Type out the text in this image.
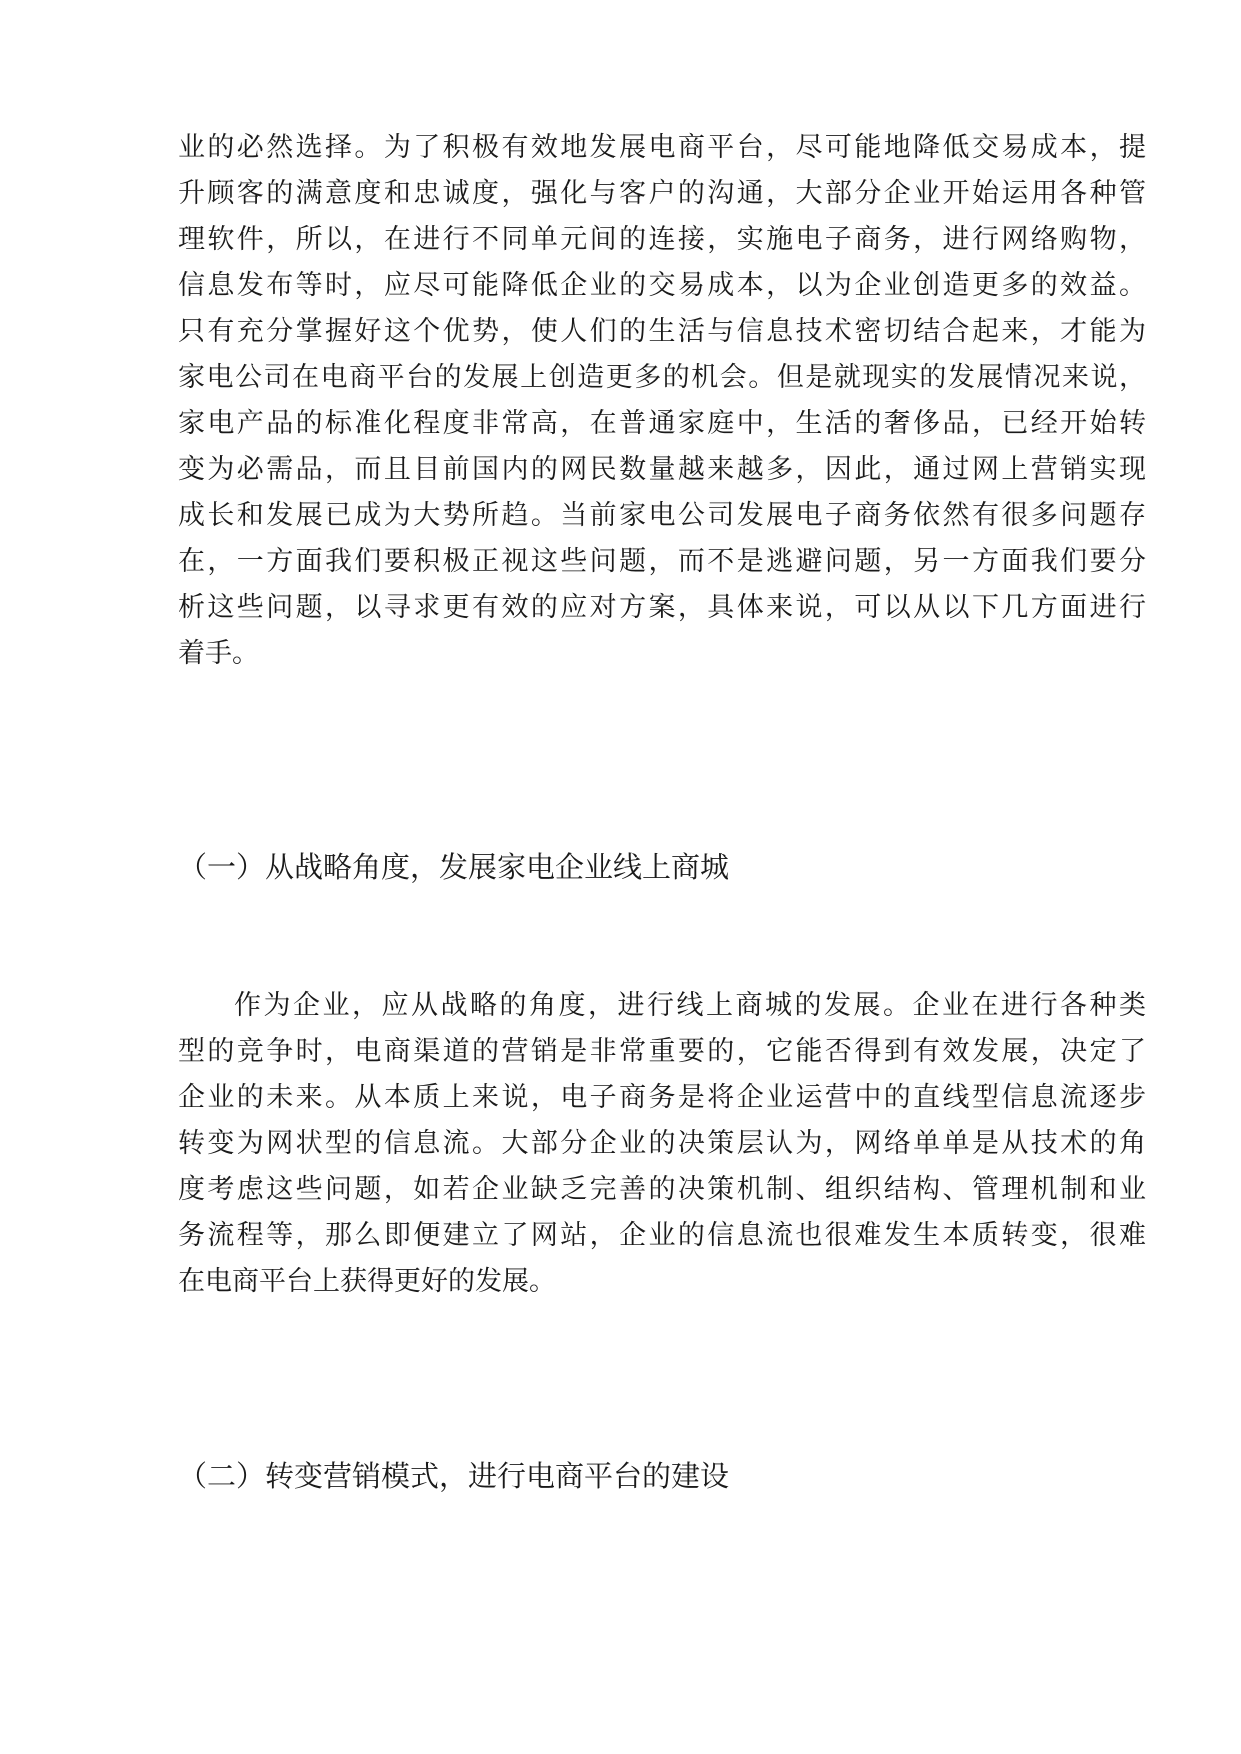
业的必然选择。为了积极有效地发展电商平台，尽可能地降低交易成本，提
升顾客的满意度和忠诚度，强化与客户的沟通，大部分企业开始运用各种管
理软件，所以，在进行不同单元间的连接，实施电子商务，进行网络购物，
信息发布等时，应尽可能降低企业的交易成本，以为企业创造更多的效益。
只有充分掌握好这个优势，使人们的生活与信息技术密切结合起来，才能为
家电公司在电商平台的发展上创造更多的机会。但是就现实的发展情况来说，
家电产品的标准化程度非常高，在普通家庭中，生活的奢侈品，已经开始转
变为必需品，而且目前国内的网民数量越来越多，因此，通过网上营销实现
成长和发展已成为大势所趋。当前家电公司发展电子商务依然有很多问题存
在，一方面我们要积极正视这些问题，而不是逃避问题，另一方面我们要分
析这些问题，以寻求更有效的应对方案，具体来说，可以从以下几方面进行
着手。
（一）从战略角度，发展家电企业线上商城
作为企业，应从战略的角度，进行线上商城的发展。企业在进行各种类
型的竞争时，电商渠道的营销是非常重要的，它能否得到有效发展，决定了
企业的未来。从本质上来说，电子商务是将企业运营中的直线型信息流逐步
转变为网状型的信息流。大部分企业的决策层认为，网络单单是从技术的角
度考虑这些问题，如若企业缺乏完善的决策机制、组织结构、管理机制和业
务流程等，那么即便建立了网站，企业的信息流也很难发生本质转变，很难
在电商平台上获得更好的发展。
（二）转变营销模式，进行电商平台的建设
